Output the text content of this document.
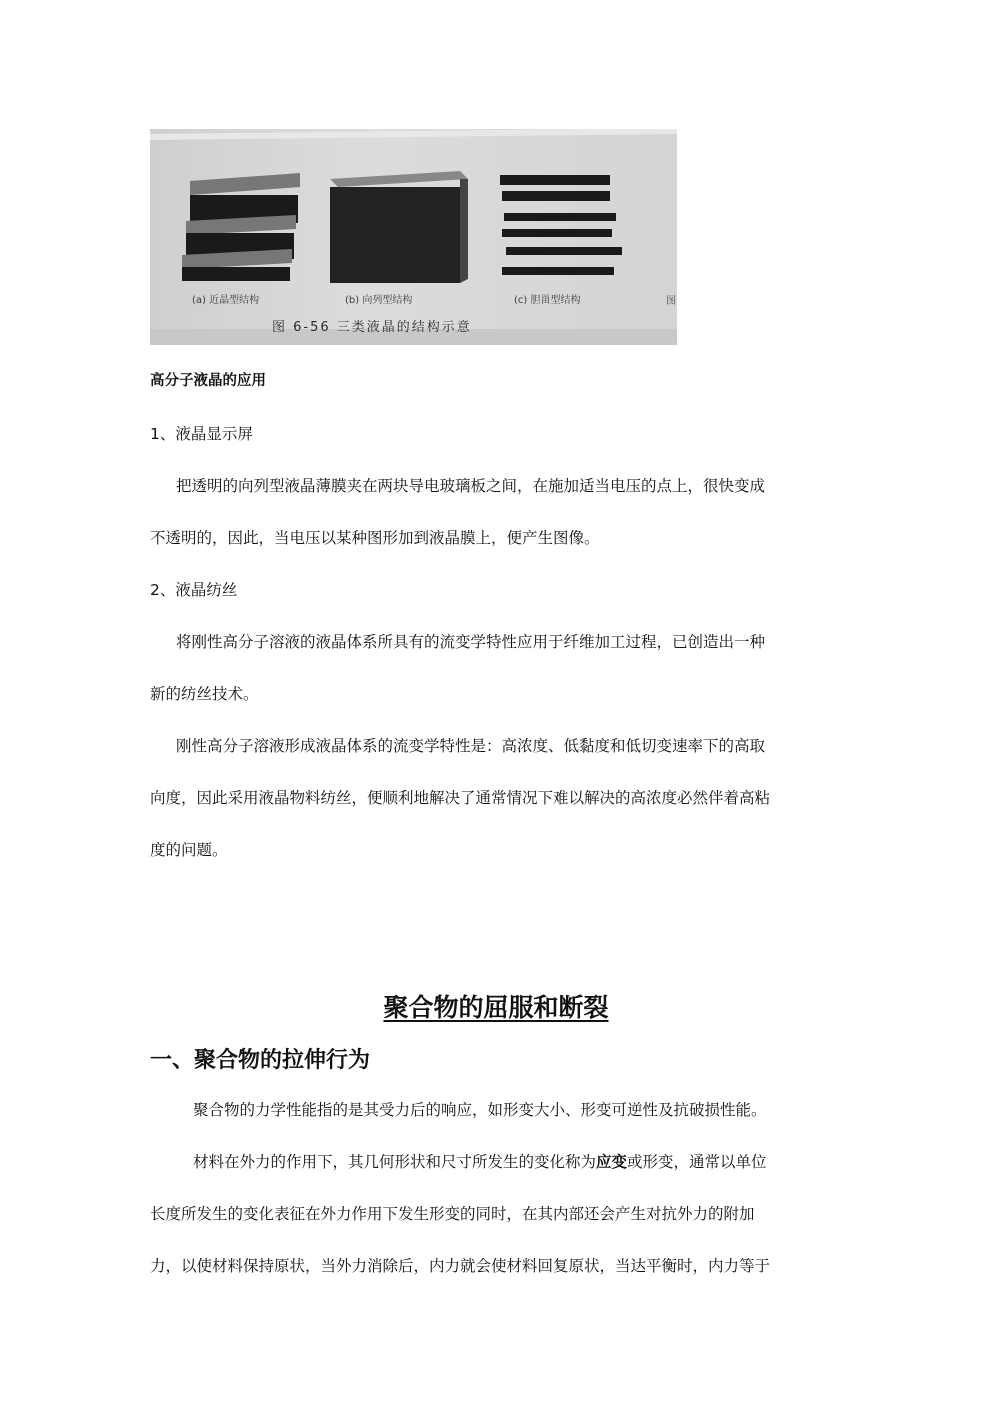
(a) 近晶型结构	(b) 向列型结构	(c) 胆甾型结构	图
图 6-56 三类液晶的结构示意
高分子液晶的应用
1、液晶显示屏
把透明的向列型液晶薄膜夹在两块导电玻璃板之间，在施加适当电压的点上，很快变成
不透明的，因此，当电压以某种图形加到液晶膜上，便产生图像。
2、液晶纺丝
将刚性高分子溶液的液晶体系所具有的流变学特性应用于纤维加工过程，已创造出一种
新的纺丝技术。
刚性高分子溶液形成液晶体系的流变学特性是：高浓度、低黏度和低切变速率下的高取
向度，因此采用液晶物料纺丝，便顺利地解决了通常情况下难以解决的高浓度必然伴着高粘
度的问题。
聚合物的屈服和断裂
一、聚合物的拉伸行为
聚合物的力学性能指的是其受力后的响应，如形变大小、形变可逆性及抗破损性能。
材料在外力的作用下，其几何形状和尺寸所发生的变化称为应变或形变，通常以单位
长度所发生的变化表征在外力作用下发生形变的同时，在其内部还会产生对抗外力的附加
力，以使材料保持原状，当外力消除后，内力就会使材料回复原状，当达平衡时，内力等于
